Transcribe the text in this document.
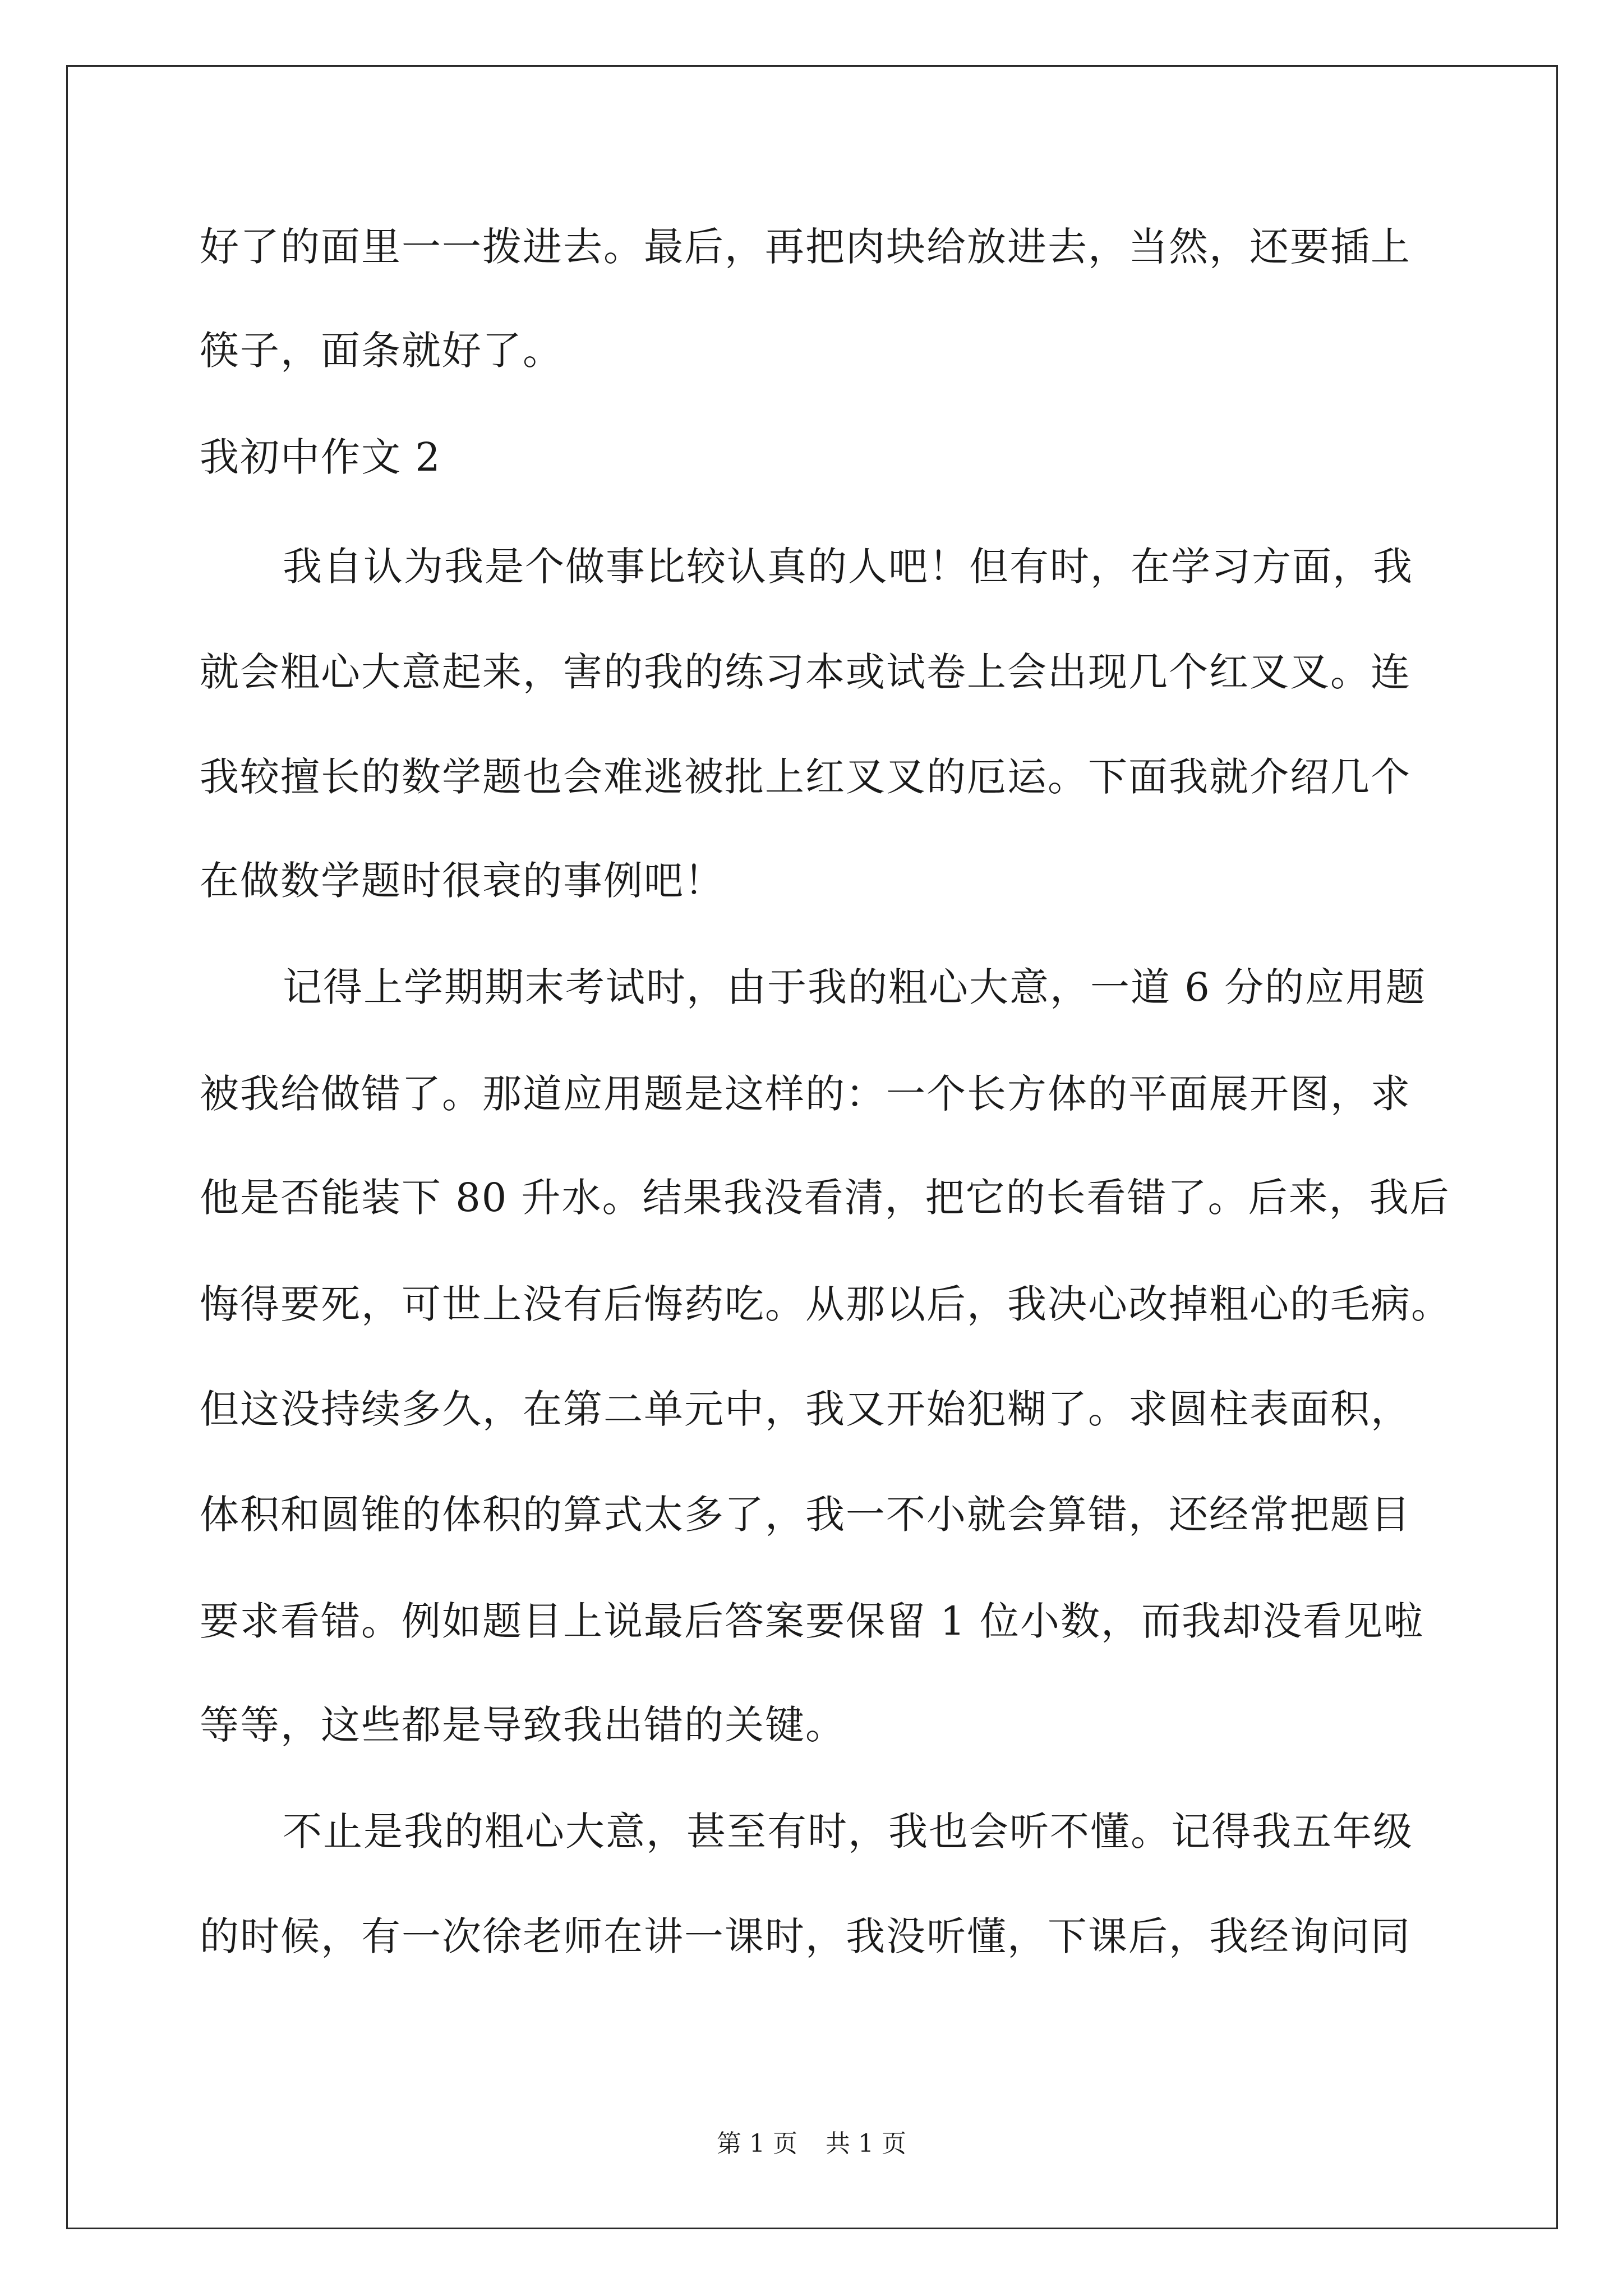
好了的面里一一拨进去。最后，再把肉块给放进去，当然，还要插上
筷子，面条就好了。
我初中作文 2
我自认为我是个做事比较认真的人吧！但有时，在学习方面，我
就会粗心大意起来，害的我的练习本或试卷上会出现几个红叉叉。连
我较擅长的数学题也会难逃被批上红叉叉的厄运。下面我就介绍几个
在做数学题时很衰的事例吧！
记得上学期期末考试时，由于我的粗心大意，一道 6 分的应用题
被我给做错了。那道应用题是这样的：一个长方体的平面展开图，求
他是否能装下 80 升水。结果我没看清，把它的长看错了。后来，我后
悔得要死，可世上没有后悔药吃。从那以后，我决心改掉粗心的毛病。
但这没持续多久，在第二单元中，我又开始犯糊了。求圆柱表面积，
体积和圆锥的体积的算式太多了，我一不小就会算错，还经常把题目
要求看错。例如题目上说最后答案要保留 1 位小数，而我却没看见啦
等等，这些都是导致我出错的关键。
不止是我的粗心大意，甚至有时，我也会听不懂。记得我五年级
的时候，有一次徐老师在讲一课时，我没听懂，下课后，我经询问同
第 1 页 共 1 页
